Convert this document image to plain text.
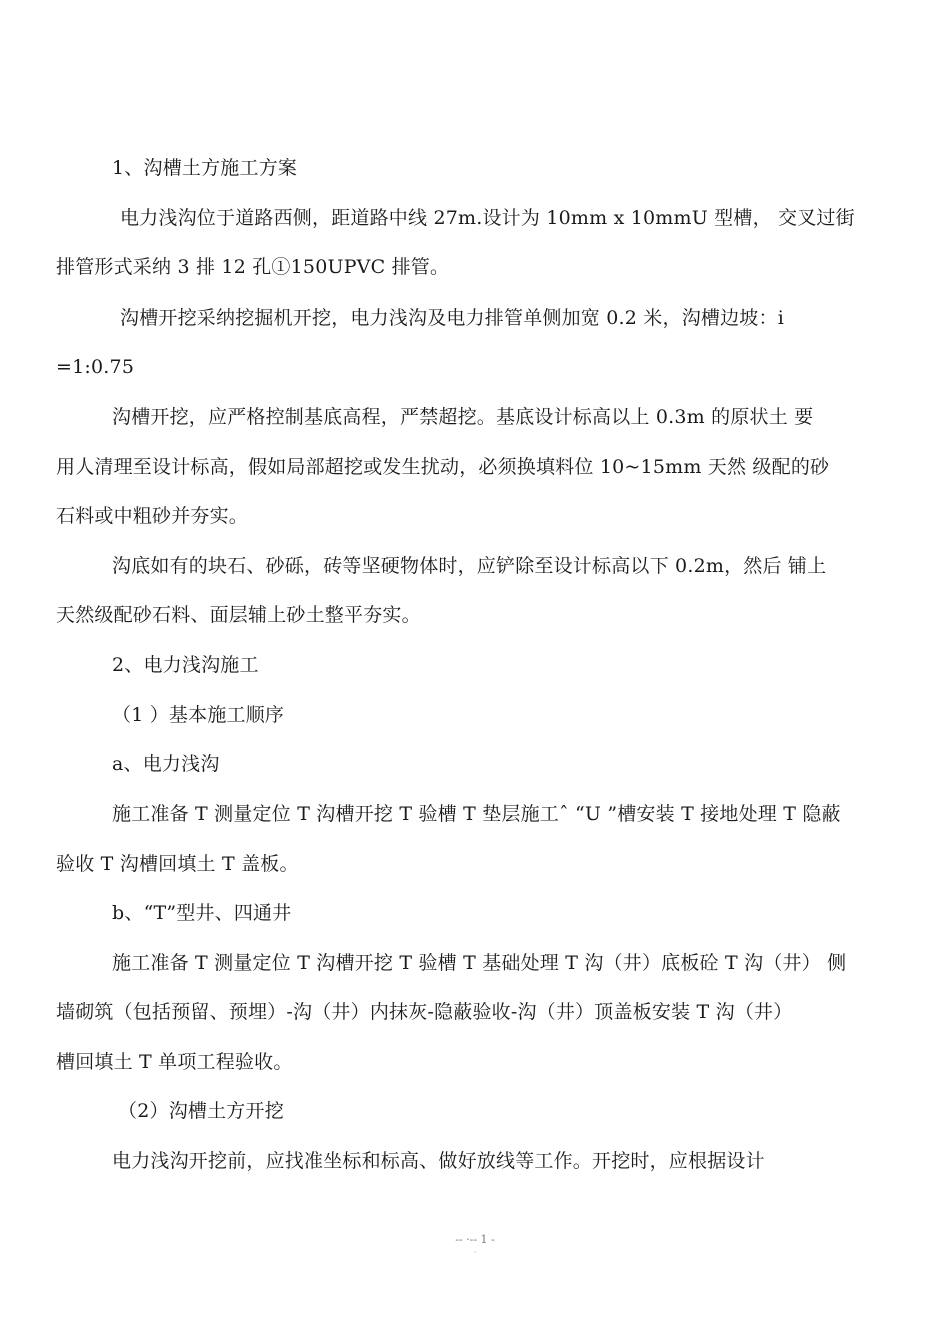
1、沟槽土方施工方案
电力浅沟位于道路西侧，距道路中线 27m.设计为 10mm x 10mmU 型槽， 交叉过街
排管形式采纳 3 排 12 孔①150UPVC 排管。
沟槽开挖采纳挖掘机开挖，电力浅沟及电力排管单侧加宽 0.2 米，沟槽边坡：i
=1:0.75
沟槽开挖，应严格控制基底高程，严禁超挖。基底设计标高以上 0.3m 的原状土 要
用人清理至设计标高，假如局部超挖或发生扰动，必须换填料位 10~15mm 天然 级配的砂
石料或中粗砂并夯实。
沟底如有的块石、砂砾，砖等坚硬物体时，应铲除至设计标高以下 0.2m，然后 铺上
天然级配砂石料、面层辅上砂土整平夯实。
2、电力浅沟施工
（1 ）基本施工顺序
a、电力浅沟
施工准备 T 测量定位 T 沟槽开挖 T 验槽 T 垫层施工ˆ “U ”槽安装 T 接地处理 T 隐蔽
验收 T 沟槽回填土 T 盖板。
b、“T”型井、四通井
施工准备 T 测量定位 T 沟槽开挖 T 验槽 T 基础处理 T 沟（井）底板砼 T 沟（井） 侧
墙砌筑（包括预留、预埋）-沟（井）内抹灰-隐蔽验收-沟（井）顶盖板安装 T 沟（井）
槽回填土 T 单项工程验收。
（2）沟槽土方开挖
电力浅沟开挖前，应找准坐标和标高、做好放线等工作。开挖时，应根据设计
-- ·-- 1 -
·
